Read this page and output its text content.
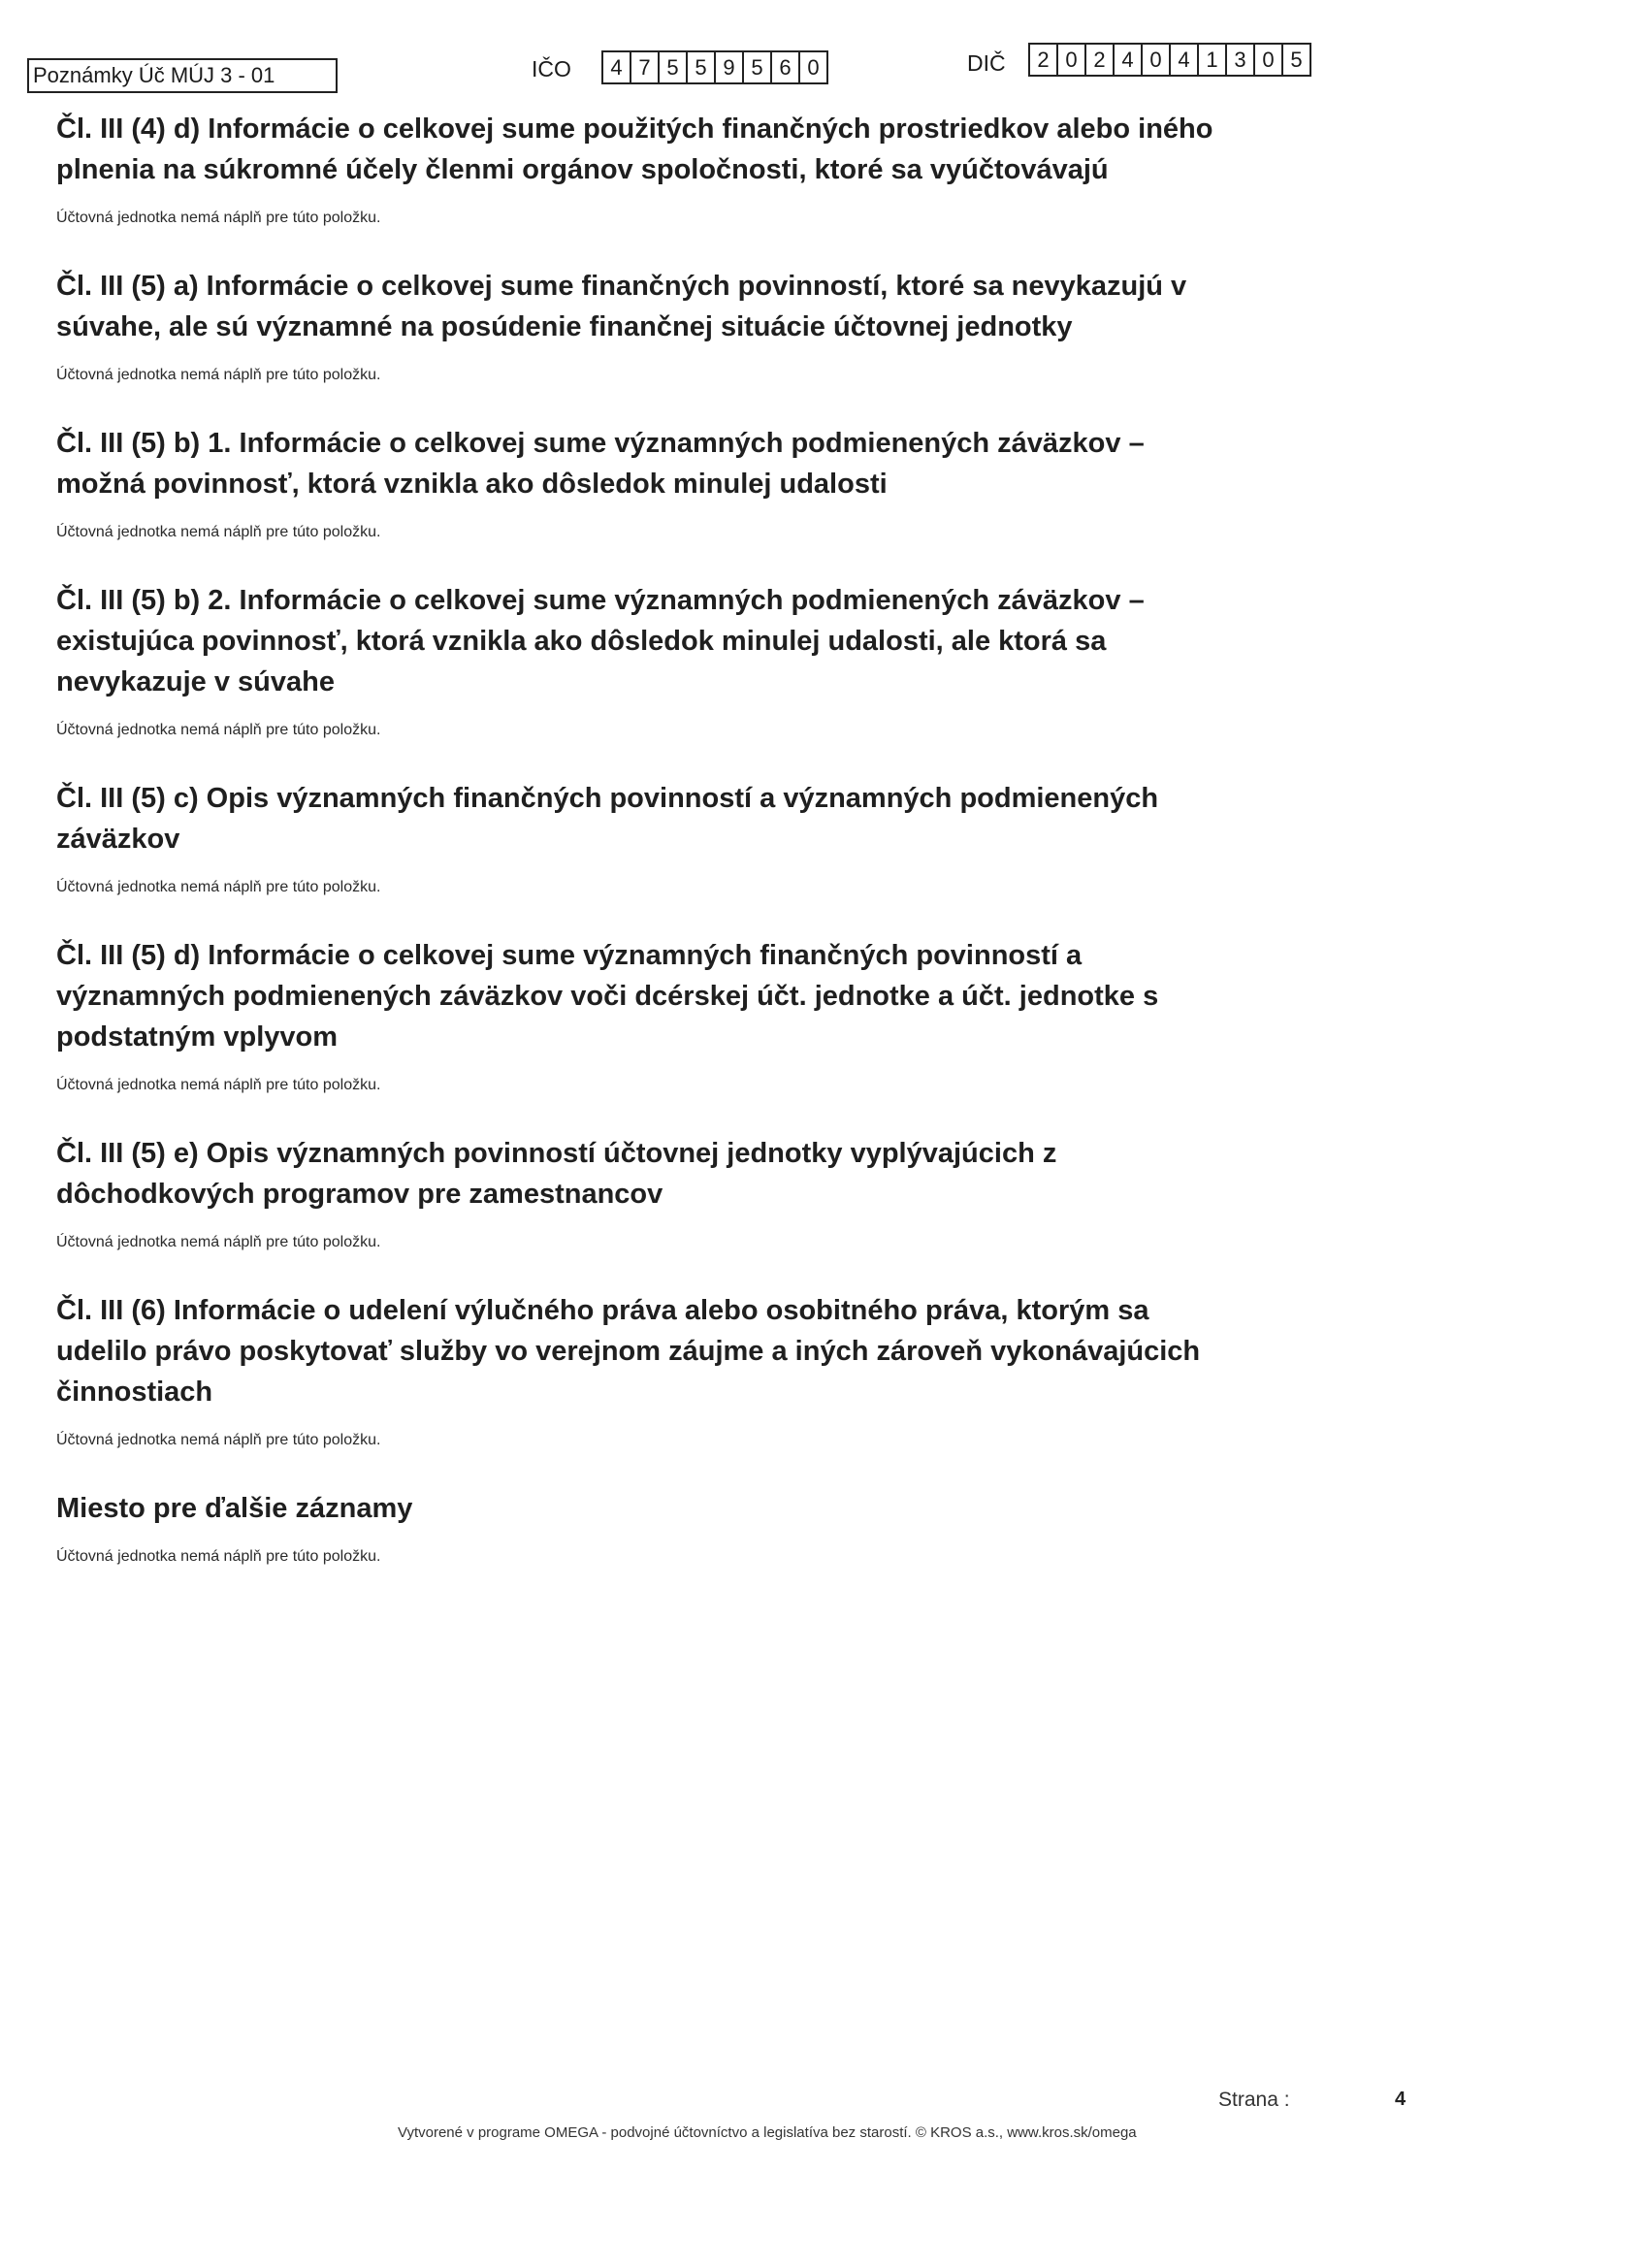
Poznámky Úč MÚJ 3 - 01	IČO	4 7 5 5 9 5 6 0	DIČ	2 0 2 4 0 4 1 3 0 5

Čl. III (4) d) Informácie o celkovej sume použitých finančných prostriedkov alebo iného plnenia na súkromné účely členmi orgánov spoločnosti, ktoré sa vyúčtovávajú

Účtovná jednotka nemá náplň pre túto položku.

Čl. III (5) a) Informácie o celkovej sume finančných povinností, ktoré sa nevykazujú v súvahe, ale sú významné na posúdenie finančnej situácie účtovnej jednotky

Účtovná jednotka nemá náplň pre túto položku.

Čl. III (5) b) 1. Informácie o celkovej sume významných podmienených záväzkov – možná povinnosť, ktorá vznikla ako dôsledok minulej udalosti

Účtovná jednotka nemá náplň pre túto položku.

Čl. III (5) b) 2. Informácie o celkovej sume významných podmienených záväzkov – existujúca povinnosť, ktorá vznikla ako dôsledok minulej udalosti, ale ktorá sa nevykazuje v súvahe

Účtovná jednotka nemá náplň pre túto položku.

Čl. III (5) c) Opis významných finančných povinností a významných podmienených záväzkov

Účtovná jednotka nemá náplň pre túto položku.

Čl. III (5) d) Informácie o celkovej sume významných finančných povinností a významných podmienených záväzkov voči dcérskej účt. jednotke a účt. jednotke s podstatným vplyvom

Účtovná jednotka nemá náplň pre túto položku.

Čl. III (5) e) Opis významných povinností účtovnej jednotky vyplývajúcich z dôchodkových programov pre zamestnancov

Účtovná jednotka nemá náplň pre túto položku.

Čl. III (6) Informácie o udelení výlučného práva alebo osobitného práva, ktorým sa udelilo právo poskytovať služby vo verejnom záujme a iných zároveň vykonávajúcich činnostiach

Účtovná jednotka nemá náplň pre túto položku.

Miesto pre ďalšie záznamy

Účtovná jednotka nemá náplň pre túto položku.

Strana :	4
Vytvorené v programe OMEGA - podvojné účtovníctvo a legislatíva bez starostí. © KROS a.s., www.kros.sk/omega
